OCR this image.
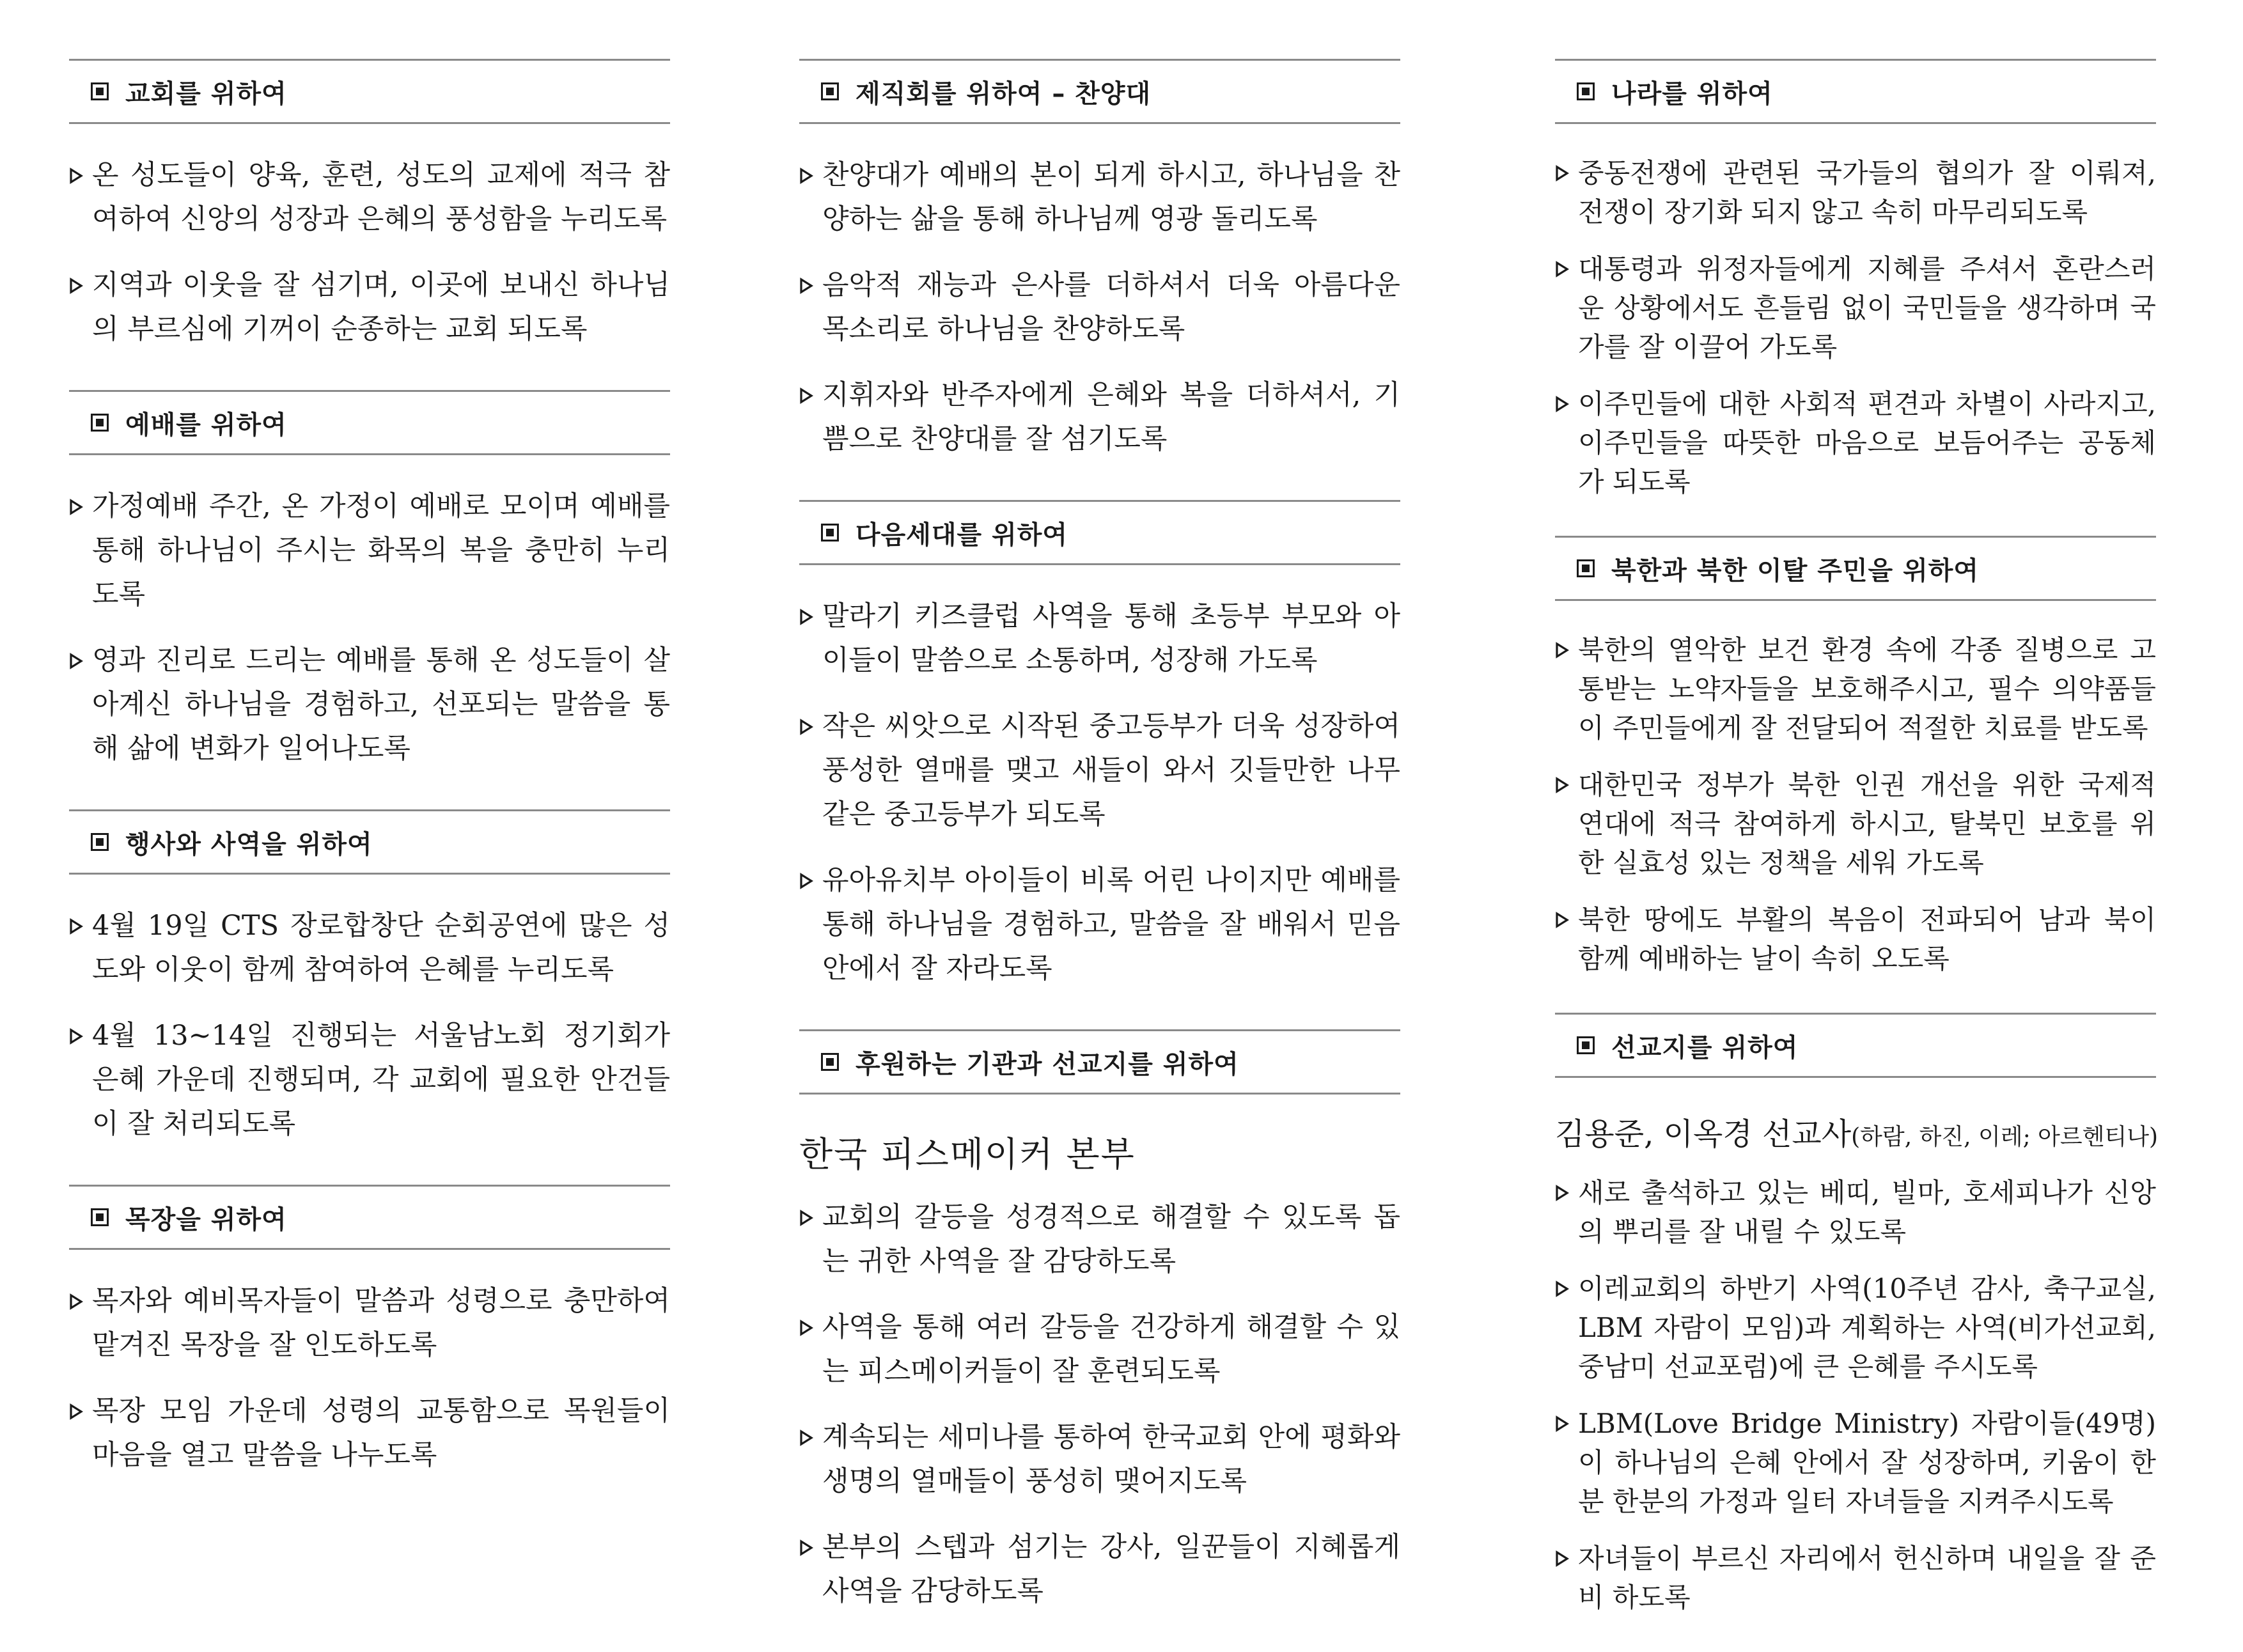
교회를 위하여
온 성도들이 양육, 훈련, 성도의 교제에 적극 참여하여 신앙의 성장과 은혜의 풍성함을 누리도록
지역과 이웃을 잘 섬기며, 이곳에 보내신 하나님의 부르심에 기꺼이 순종하는 교회 되도록
예배를 위하여
가정예배 주간, 온 가정이 예배로 모이며 예배를 통해 하나님이 주시는 화목의 복을 충만히 누리도록
영과 진리로 드리는 예배를 통해 온 성도들이 살아계신 하나님을 경험하고, 선포되는 말씀을 통해 삶에 변화가 일어나도록
행사와 사역을 위하여
4월 19일 CTS 장로합창단 순회공연에 많은 성도와 이웃이 함께 참여하여 은혜를 누리도록
4월 13~14일 진행되는 서울남노회 정기회가 은혜 가운데 진행되며, 각 교회에 필요한 안건들이 잘 처리되도록
목장을 위하여
목자와 예비목자들이 말씀과 성령으로 충만하여 맡겨진 목장을 잘 인도하도록
목장 모임 가운데 성령의 교통함으로 목원들이 마음을 열고 말씀을 나누도록
제직회를 위하여 – 찬양대
찬양대가 예배의 본이 되게 하시고, 하나님을 찬양하는 삶을 통해 하나님께 영광 돌리도록
음악적 재능과 은사를 더하셔서 더욱 아름다운 목소리로 하나님을 찬양하도록
지휘자와 반주자에게 은혜와 복을 더하셔서, 기쁨으로 찬양대를 잘 섬기도록
다음세대를 위하여
말라기 키즈클럽 사역을 통해 초등부 부모와 아이들이 말씀으로 소통하며, 성장해 가도록
작은 씨앗으로 시작된 중고등부가 더욱 성장하여 풍성한 열매를 맺고 새들이 와서 깃들만한 나무 같은 중고등부가 되도록
유아유치부 아이들이 비록 어린 나이지만 예배를 통해 하나님을 경험하고, 말씀을 잘 배워서 믿음 안에서 잘 자라도록
후원하는 기관과 선교지를 위하여
한국 피스메이커 본부
교회의 갈등을 성경적으로 해결할 수 있도록 돕는 귀한 사역을 잘 감당하도록
사역을 통해 여러 갈등을 건강하게 해결할 수 있는 피스메이커들이 잘 훈련되도록
계속되는 세미나를 통하여 한국교회 안에 평화와 생명의 열매들이 풍성히 맺어지도록
본부의 스텝과 섬기는 강사, 일꾼들이 지혜롭게 사역을 감당하도록
나라를 위하여
중동전쟁에 관련된 국가들의 협의가 잘 이뤄져, 전쟁이 장기화 되지 않고 속히 마무리되도록
대통령과 위정자들에게 지혜를 주셔서 혼란스러운 상황에서도 흔들림 없이 국민들을 생각하며 국가를 잘 이끌어 가도록
이주민들에 대한 사회적 편견과 차별이 사라지고, 이주민들을 따뜻한 마음으로 보듬어주는 공동체가 되도록
북한과 북한 이탈 주민을 위하여
북한의 열악한 보건 환경 속에 각종 질병으로 고통받는 노약자들을 보호해주시고, 필수 의약품들이 주민들에게 잘 전달되어 적절한 치료를 받도록
대한민국 정부가 북한 인권 개선을 위한 국제적 연대에 적극 참여하게 하시고, 탈북민 보호를 위한 실효성 있는 정책을 세워 가도록
북한 땅에도 부활의 복음이 전파되어 남과 북이 함께 예배하는 날이 속히 오도록
선교지를 위하여
김용준, 이옥경 선교사(하람, 하진, 이레; 아르헨티나)
새로 출석하고 있는 베띠, 빌마, 호세피나가 신앙의 뿌리를 잘 내릴 수 있도록
이레교회의 하반기 사역(10주년 감사, 축구교실, LBM 자람이 모임)과 계획하는 사역(비가선교회, 중남미 선교포럼)에 큰 은혜를 주시도록
LBM(Love Bridge Ministry) 자람이들(49명)이 하나님의 은혜 안에서 잘 성장하며, 키움이 한분 한분의 가정과 일터 자녀들을 지켜주시도록
자녀들이 부르신 자리에서 헌신하며 내일을 잘 준비 하도록
